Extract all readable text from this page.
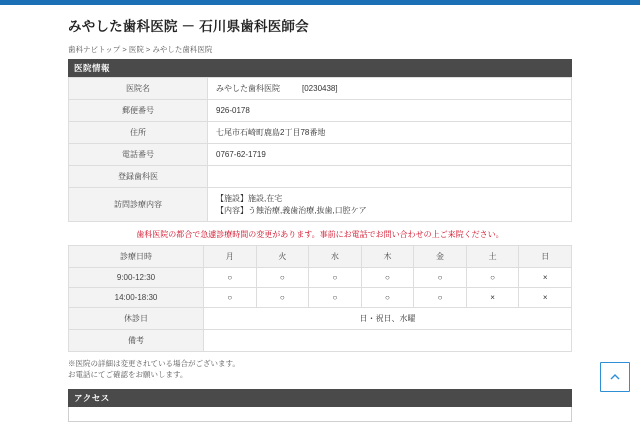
みやした歯科医院 － 石川県歯科医師会
歯科ナビトップ > 医院 > みやした歯科医院
医院情報
医院名	みやした歯科医院 [0230438]
郵便番号	926-0178
住所	七尾市石崎町鹿島2丁目78番地
電話番号	0767-62-1719
登録歯科医	
訪問診療内容	【施設】施設,在宅
【内容】う蝕治療,義歯治療,抜歯,口腔ケア
歯科医院の都合で急遽診療時間の変更があります。事前にお電話でお問い合わせの上ご来院ください。
診療日時	月	火	水	木	金	土	日
9:00-12:30	○	○	○	○	○	○	×
14:00-18:30	○	○	○	○	○	×	×
休診日	日・祝日、水曜						
備考							
※医院の詳細は変更されている場合がございます。
お電話にてご確認をお願いします。
アクセス
